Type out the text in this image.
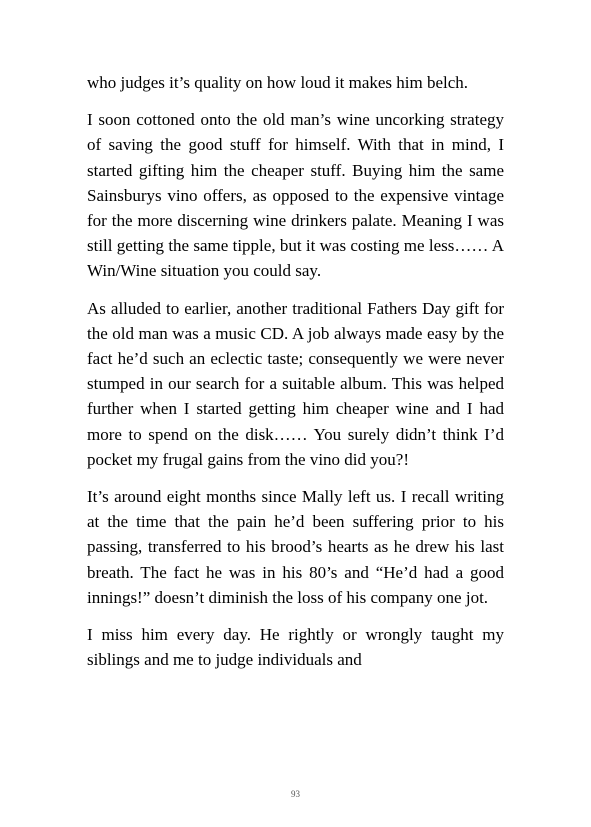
who judges it’s quality on how loud it makes him belch.

I soon cottoned onto the old man’s wine uncorking strategy of saving the good stuff for himself. With that in mind, I started gifting him the cheaper stuff. Buying him the same Sainsburys vino offers, as opposed to the expensive vintage for the more discerning wine drinkers palate. Meaning I was still getting the same tipple, but it was costing me less…… A Win/Wine situation you could say.

As alluded to earlier, another traditional Fathers Day gift for the old man was a music CD. A job always made easy by the fact he’d such an eclectic taste; consequently we were never stumped in our search for a suitable album. This was helped further when I started getting him cheaper wine and I had more to spend on the disk…… You surely didn’t think I’d pocket my frugal gains from the vino did you?!

It’s around eight months since Mally left us. I recall writing at the time that the pain he’d been suffering prior to his passing, transferred to his brood’s hearts as he drew his last breath. The fact he was in his 80’s and “He’d had a good innings!” doesn’t diminish the loss of his company one jot.

I miss him every day. He rightly or wrongly taught my siblings and me to judge individuals and

93
